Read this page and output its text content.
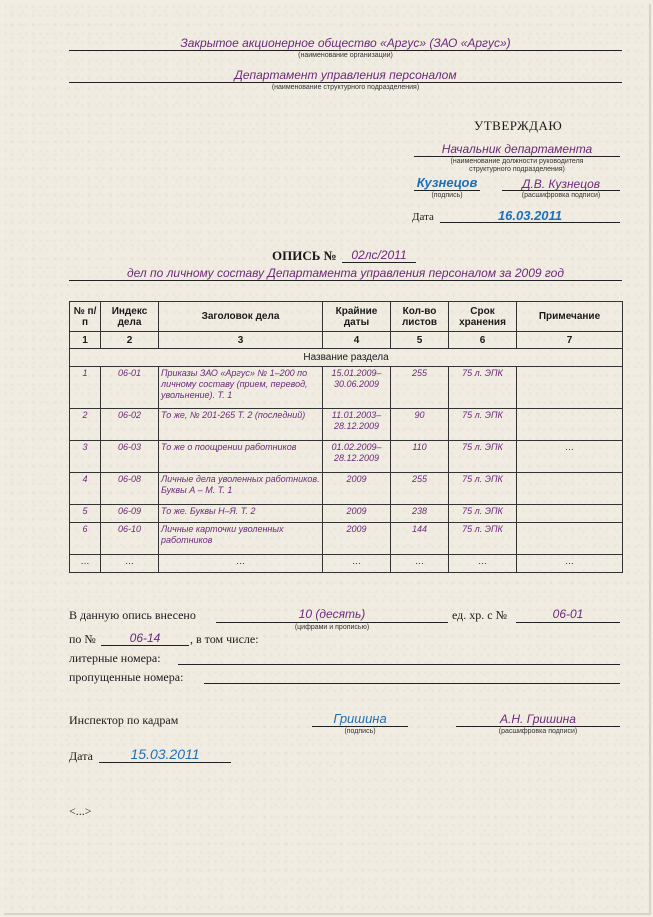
Закрытое акционерное общество «Аргус» (ЗАО «Аргус»)
(наименование организации)
Департамент управления персоналом
(наименование структурного подразделения)
УТВЕРЖДАЮ
Начальник департамента
(наименование должности руководителя
структурного подразделения)
Кузнецов
(подпись)
Д.В. Кузнецов
(расшифровка подписи)
Дата	16.03.2011
ОПИСЬ №	02лс/2011
дел по личному составу Департамента управления персоналом за 2009 год
№ п/п	Индекс дела	Заголовок дела	Крайние даты	Кол-во листов	Срок хранения	Примечание
1	2	3	4	5	6	7
Название раздела						
1	06-01	Приказы ЗАО «Аргус» № 1–200 по личному составу (прием, перевод, увольнение). Т. 1	15.01.2009– 30.06.2009	255	75 л. ЭПК	
2	06-02	То же, № 201-265 Т. 2 (последний)	11.01.2003– 28.12.2009	90	75 л. ЭПК	
3	06-03	То же о поощрении работников	01.02.2009– 28.12.2009	110	75 л. ЭПК	…
4	06-08	Личные дела уволенных работников. Буквы А – М. Т. 1	2009	255	75 л. ЭПК	
5	06-09	То же. Буквы Н–Я. Т. 2	2009	238	75 л. ЭПК	
6	06-10	Личные карточки уволенных работников	2009	144	75 л. ЭПК	
…	…	…	…	…	…	…
В данную опись внесено	10 (десять)
(цифрами и прописью)
ед. хр. с №	06-01
по №	06-14	, в том числе:
литерные номера:
пропущенные номера:
Инспектор по кадрам	Гришина
(подпись)
А.Н. Гришина
(расшифровка подписи)
Дата	15.03.2011
<...>
